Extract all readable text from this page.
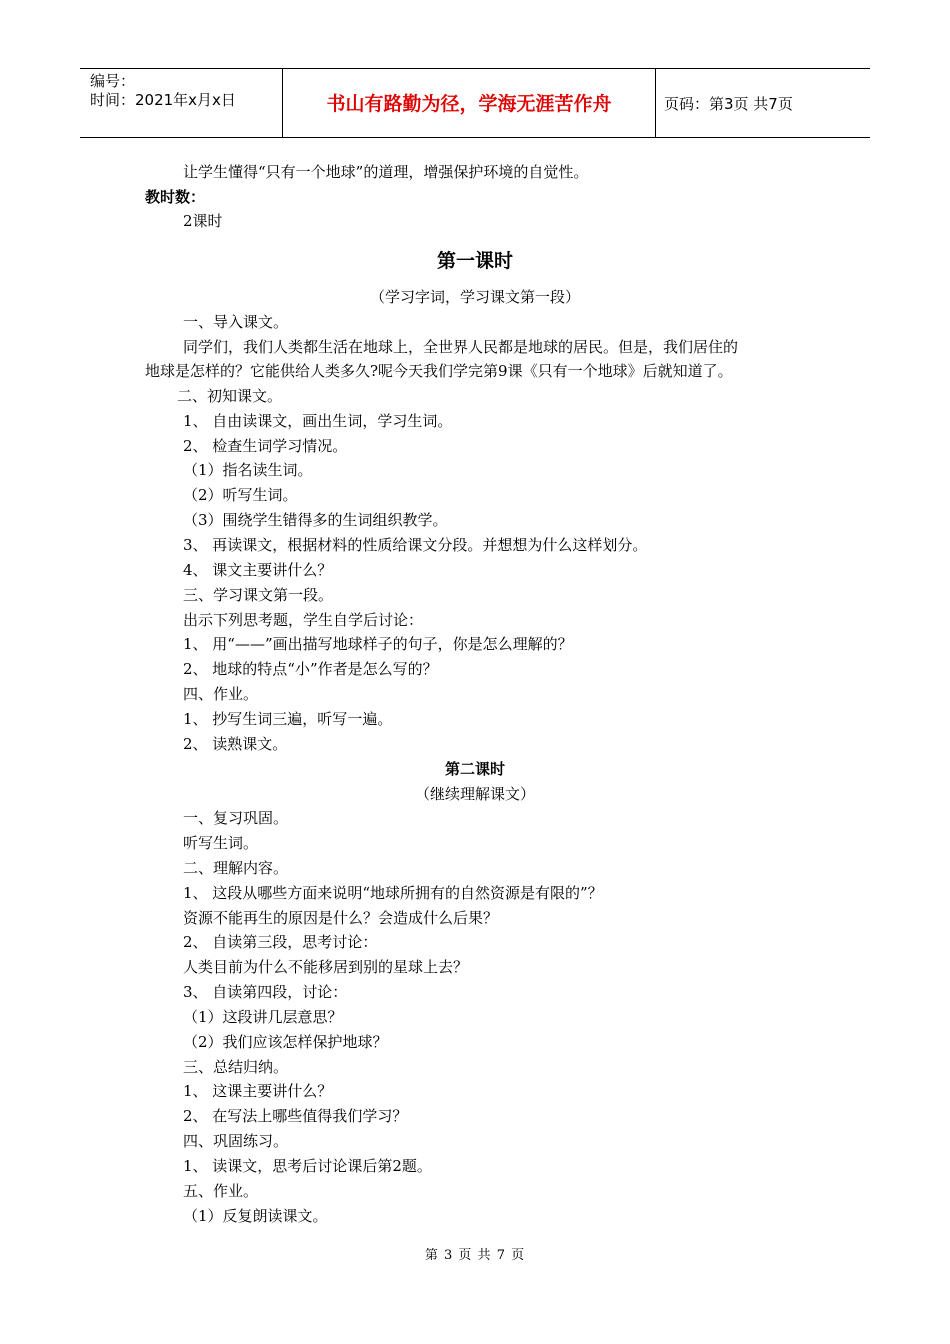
编号：
时间：2021年x月x日	书山有路勤为径，学海无涯苦作舟	页码：第3页 共7页
让学生懂得“只有一个地球”的道理，增强保护环境的自觉性。
教时数：
2课时
第一课时
（学习字词，学习课文第一段）
一、导入课文。
同学们，我们人类都生活在地球上，全世界人民都是地球的居民。但是，我们居住的
地球是怎样的？它能供给人类多久?呢今天我们学完第9课《只有一个地球》后就知道了。
二、初知课文。
1、 自由读课文，画出生词，学习生词。
2、 检查生词学习情况。
（1）指名读生词。
（2）听写生词。
（3）围绕学生错得多的生词组织教学。
3、 再读课文，根据材料的性质给课文分段。并想想为什么这样划分。
4、 课文主要讲什么？
三、学习课文第一段。
出示下列思考题，学生自学后讨论：
1、 用“——”画出描写地球样子的句子，你是怎么理解的？
2、 地球的特点“小”作者是怎么写的？
四、作业。
1、 抄写生词三遍，听写一遍。
2、 读熟课文。
第二课时
（继续理解课文）
一、复习巩固。
听写生词。
二、理解内容。
1、 这段从哪些方面来说明“地球所拥有的自然资源是有限的”？
资源不能再生的原因是什么？会造成什么后果？
2、 自读第三段，思考讨论：
人类目前为什么不能移居到别的星球上去？
3、 自读第四段，讨论：
（1）这段讲几层意思？
（2）我们应该怎样保护地球？
三、总结归纳。
1、 这课主要讲什么？
2、 在写法上哪些值得我们学习？
四、巩固练习。
1、 读课文，思考后讨论课后第2题。
五、作业。
（1）反复朗读课文。
第 3 页 共 7 页
